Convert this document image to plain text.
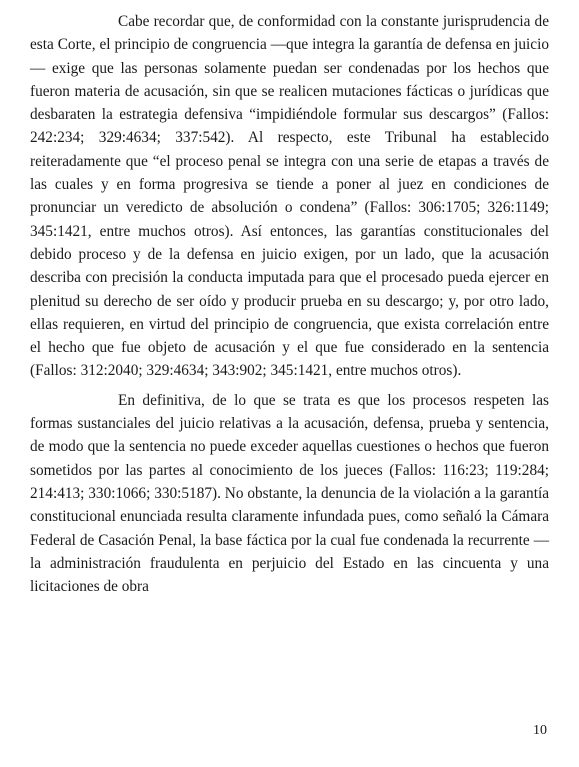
Cabe recordar que, de conformidad con la constante jurisprudencia de esta Corte, el principio de congruencia —que integra la garantía de defensa en juicio— exige que las personas solamente puedan ser condenadas por los hechos que fueron materia de acusación, sin que se realicen mutaciones fácticas o jurídicas que desbaraten la estrategia defensiva “impidiéndole formular sus descargos” (Fallos: 242:234; 329:4634; 337:542). Al respecto, este Tribunal ha establecido reiteradamente que “el proceso penal se integra con una serie de etapas a través de las cuales y en forma progresiva se tiende a poner al juez en condiciones de pronunciar un veredicto de absolución o condena” (Fallos: 306:1705; 326:1149; 345:1421, entre muchos otros). Así entonces, las garantías constitucionales del debido proceso y de la defensa en juicio exigen, por un lado, que la acusación describa con precisión la conducta imputada para que el procesado pueda ejercer en plenitud su derecho de ser oído y producir prueba en su descargo; y, por otro lado, ellas requieren, en virtud del principio de congruencia, que exista correlación entre el hecho que fue objeto de acusación y el que fue considerado en la sentencia (Fallos: 312:2040; 329:4634; 343:902; 345:1421, entre muchos otros).

En definitiva, de lo que se trata es que los procesos respeten las formas sustanciales del juicio relativas a la acusación, defensa, prueba y sentencia, de modo que la sentencia no puede exceder aquellas cuestiones o hechos que fueron sometidos por las partes al conocimiento de los jueces (Fallos: 116:23; 119:284; 214:413; 330:1066; 330:5187). No obstante, la denuncia de la violación a la garantía constitucional enunciada resulta claramente infundada pues, como señaló la Cámara Federal de Casación Penal, la base fáctica por la cual fue condenada la recurrente —la administración fraudulenta en perjuicio del Estado en las cincuenta y una licitaciones de obra

10
